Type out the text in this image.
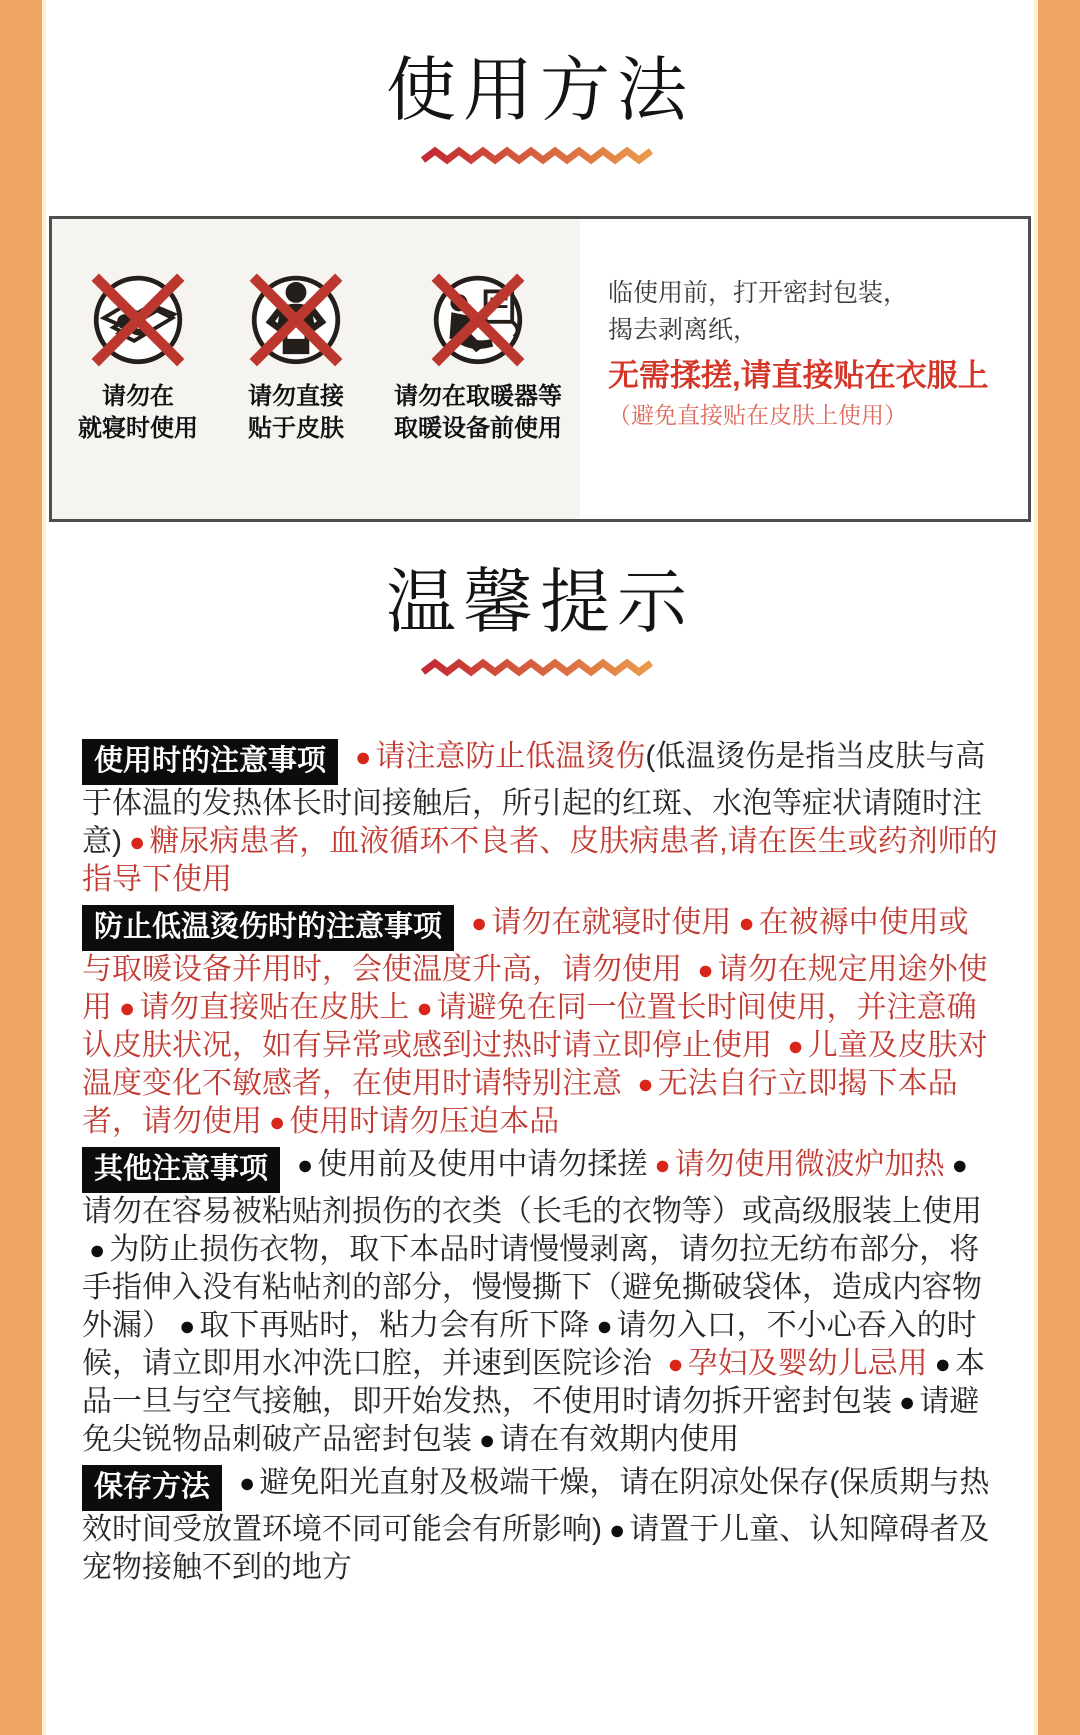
使用方法
请勿在
就寝时使用
请勿直接
贴于皮肤
请勿在取暖器等
取暖设备前使用
临使用前，打开密封包装，
揭去剥离纸，
无需揉搓,请直接贴在衣服上
（避免直接贴在皮肤上使用）
温馨提示
使用时的注意事项 ● 请注意防止低温烫伤(低温烫伤是指当皮肤与高于体温的发热体长时间接触后，所引起的红斑、水泡等症状请随时注意) ● 糖尿病患者，血液循环不良者、皮肤病患者,请在医生或药剂师的指导下使用
防止低温烫伤时的注意事项 ● 请勿在就寝时使用 ● 在被褥中使用或与取暖设备并用时，会使温度升高，请勿使用 ● 请勿在规定用途外使用 ● 请勿直接贴在皮肤上 ● 请避免在同一位置长时间使用，并注意确认皮肤状况，如有异常或感到过热时请立即停止使用 ● 儿童及皮肤对温度变化不敏感者，在使用时请特别注意 ● 无法自行立即揭下本品者，请勿使用 ● 使用时请勿压迫本品
其他注意事项 ● 使用前及使用中请勿揉搓 ● 请勿使用微波炉加热 ●请勿在容易被粘贴剂损伤的衣类（长毛的衣物等）或高级服装上使用● 为防止损伤衣物，取下本品时请慢慢剥离，请勿拉无纺布部分，将手指伸入没有粘帖剂的部分，慢慢撕下（避免撕破袋体，造成内容物外漏） ● 取下再贴时，粘力会有所下降 ● 请勿入口，不小心吞入的时候，请立即用水冲洗口腔，并速到医院诊治 ● 孕妇及婴幼儿忌用 ● 本品一旦与空气接触，即开始发热，不使用时请勿拆开密封包装 ● 请避免尖锐物品刺破产品密封包装 ● 请在有效期内使用
保存方法 ● 避免阳光直射及极端干燥，请在阴凉处保存(保质期与热效时间受放置环境不同可能会有所影响) ● 请置于儿童、认知障碍者及宠物接触不到的地方
